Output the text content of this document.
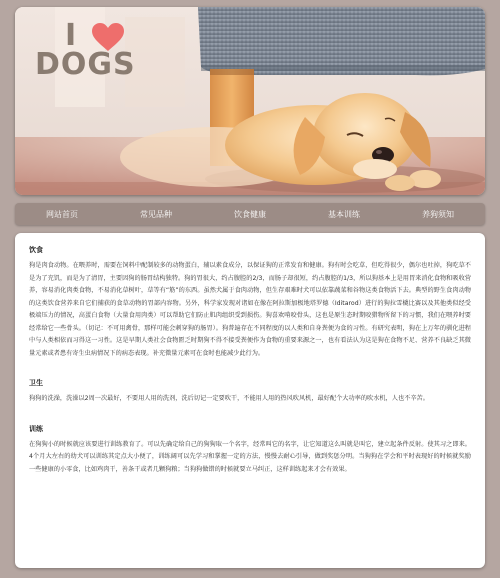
I
DOGS
网站首页	常见品种	饮食健康	基本训练	养狗须知
饮食

狗是肉食动物。在喂养时，需要在饲料中配制较多的动物蛋白，辅以素食成分，以保证狗的正常发育和健康。狗有时会吃草，但吃得很少，偶尔也吐掉，狗吃草不是为了充饥，而是为了清胃，主要因狗的肠胃结构独特。狗的胃很大，约占腹腔的2/3，而肠子却很短，约占腹腔的1/3，所以狗基本上是用胃来消化食物和吸收营养，容易消化肉类食物，不易消化草树叶，草等有“筋”的东西。虽然犬属于食肉动物，但生存艰难时犬可以依靠蔬菜和谷物这类食物活下去。典型的野生食肉动物的这类饮食营养来自它们捕获的食草动物的胃部内容物。另外，科学家发现对诸如在像在阿拉斯加极地塔罗德（Iditarod）进行的狗拉雪橇比赛以及其他类似经受极端压力的情况，高蛋白食物（大量食用肉类）可以帮助它们防止肌肉组织受到损伤。狗喜欢啃咬骨头，这也是原生态时期咬猎物所留下的习惯，我们在喂养时要经常给它一些骨头。（切记：不可用禽骨，那样可能会刺穿狗的肠胃）。狗普遍存在不同程度的以人类和自身粪便为食的习性。有研究表明，狗在上万年的驯化进程中与人类相依而习得这一习性。这是早期人类社会食物匮乏时期狗不得不接受粪便作为食物的重要来源之一，也有看法认为这是狗在食物不足、营养不良缺乏其微量元素或者患有寄生虫病情况下的病态表现。补充微量元素可在食时也能减少此行为。

卫生

狗狗的洗澡，洗澡以2周一次最好，不要用人用的洗剂，洗后切记一定要吹干，不能用人用的热风吹风机，最好配个大功率的吹水机，人也不辛苦。

训练

在狗狗小的时候就应该要进行训练教育了。可以先确定给自己的狗狗取一个名字，经常叫它的名字，让它知道这么叫就是叫它，建立起条件反射。使其习之即来。4个月大左右的幼犬可以训练其定点大小便了，训练阔可以先学习和掌握一定的方法，慢慢去耐心引导，做到奖惩分明。当狗狗在学会和平时表现好的时候就奖励一些健康的小零食，比如鸡肉干，善条干或者几颗狗粮；当狗狗做错的时候就要立马纠正，这样训练起来才会有效果。
